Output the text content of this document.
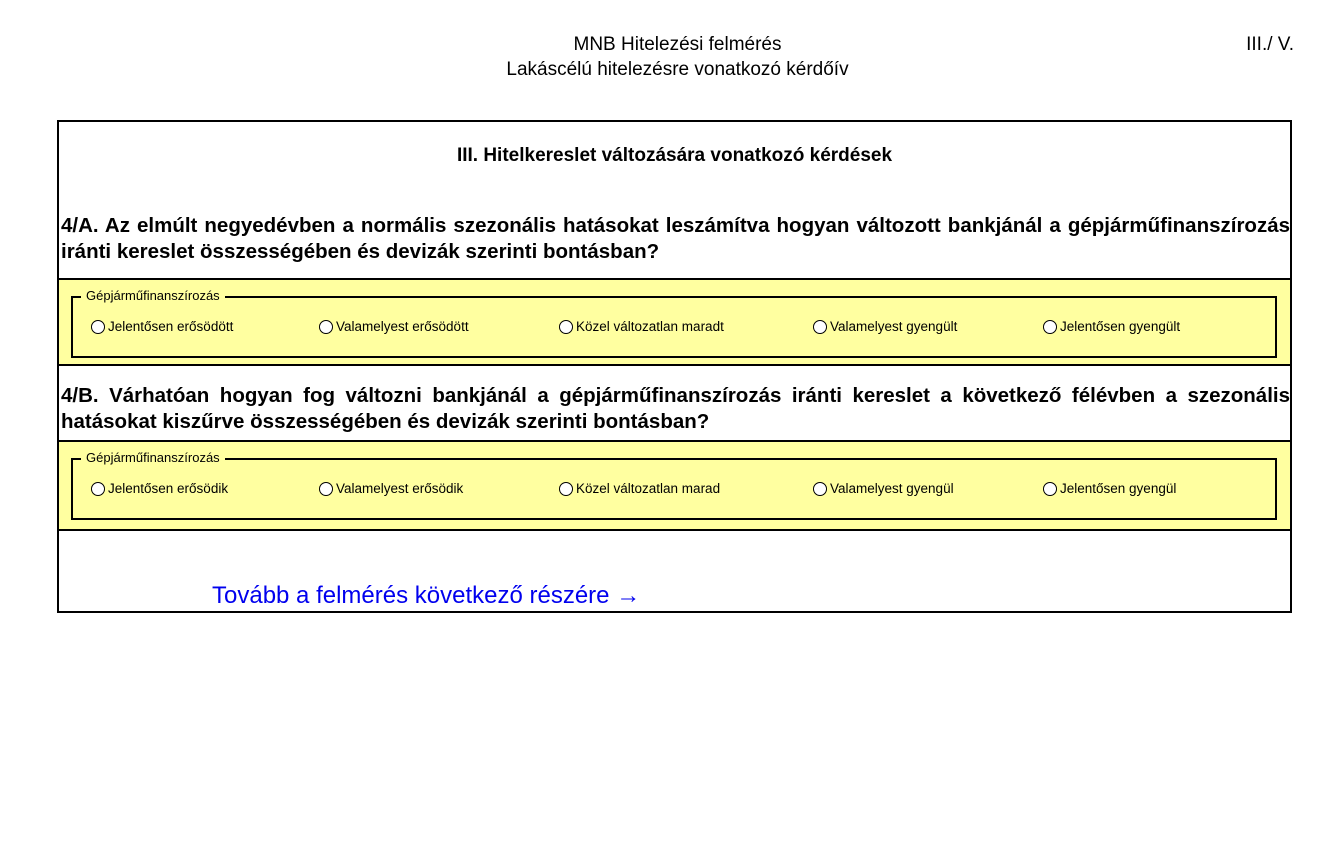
MNB Hitelezési felmérés
Lakáscélú hitelezésre vonatkozó kérdőív
III./ V.
III. Hitelkereslet változására vonatkozó kérdések
4/A. Az elmúlt negyedévben a normális szezonális hatásokat leszámítva hogyan változott bankjánál a gépjárműfinanszírozás iránti kereslet összességében és devizák szerinti bontásban?
Gépjárműfinanszírozás
Jelentősen erősödött	Valamelyest erősödött	Közel változatlan maradt	Valamelyest gyengült	Jelentősen gyengült
4/B. Várhatóan hogyan fog változni bankjánál a gépjárműfinanszírozás iránti kereslet a következő félévben a szezonális hatásokat kiszűrve összességében és devizák szerinti bontásban?
Gépjárműfinanszírozás
Jelentősen erősödik	Valamelyest erősödik	Közel változatlan marad	Valamelyest gyengül	Jelentősen gyengül
Tovább a felmérés következő részére →
